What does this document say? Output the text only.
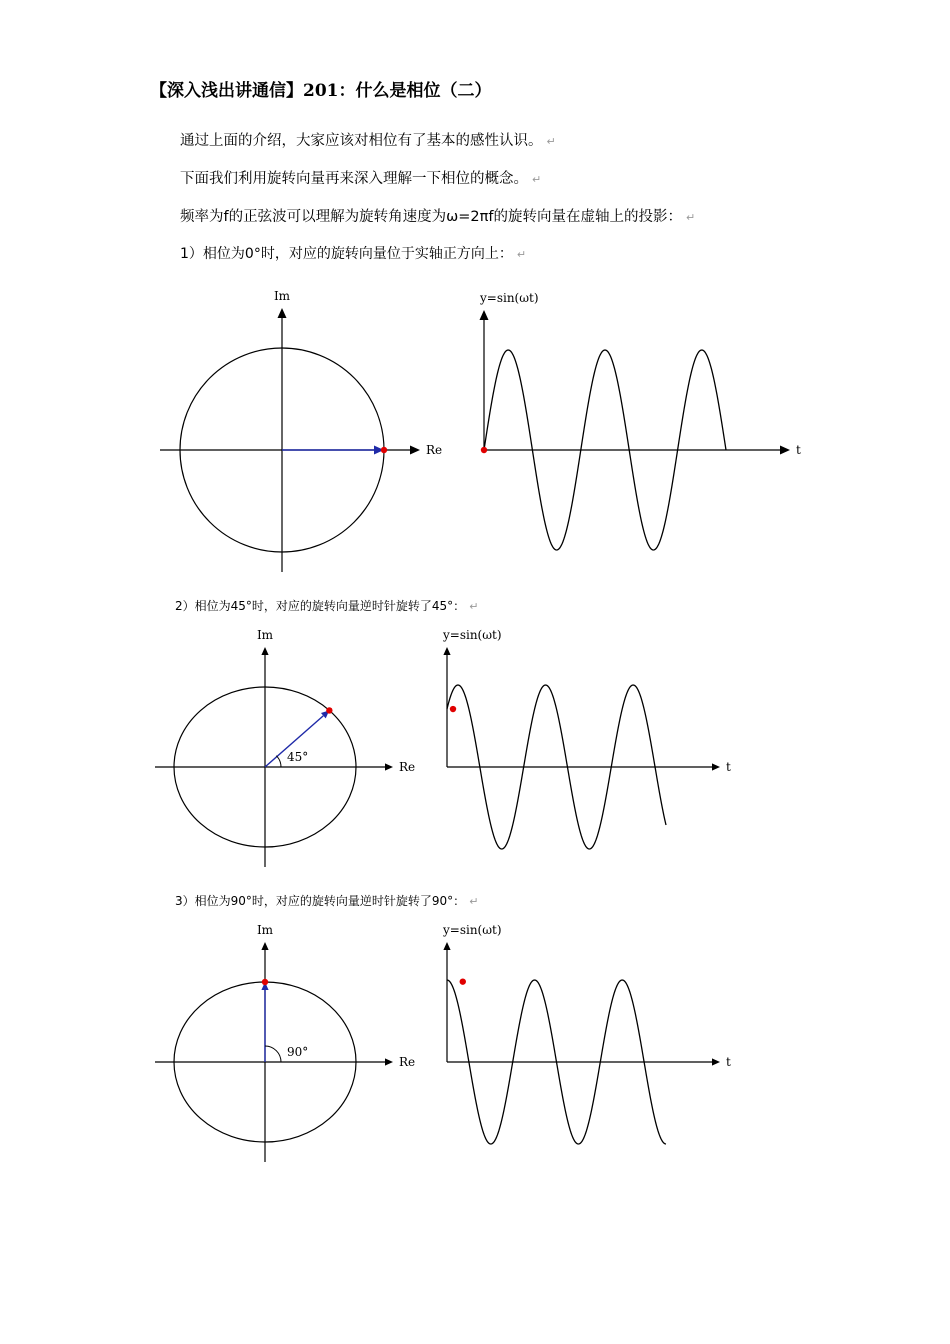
【深入浅出讲通信】201：什么是相位（二）
通过上面的介绍，大家应该对相位有了基本的感性认识。 ↵
下面我们利用旋转向量再来深入理解一下相位的概念。 ↵
频率为f的正弦波可以理解为旋转角速度为ω=2πf的旋转向量在虚轴上的投影： ↵
1）相位为0°时，对应的旋转向量位于实轴正方向上： ↵
Re
Im
t
y=sin(ωt)
2）相位为45°时，对应的旋转向量逆时针旋转了45°： ↵
Re
Im
45°
t
y=sin(ωt)
3）相位为90°时，对应的旋转向量逆时针旋转了90°： ↵
Re
Im
90°
t
y=sin(ωt)
